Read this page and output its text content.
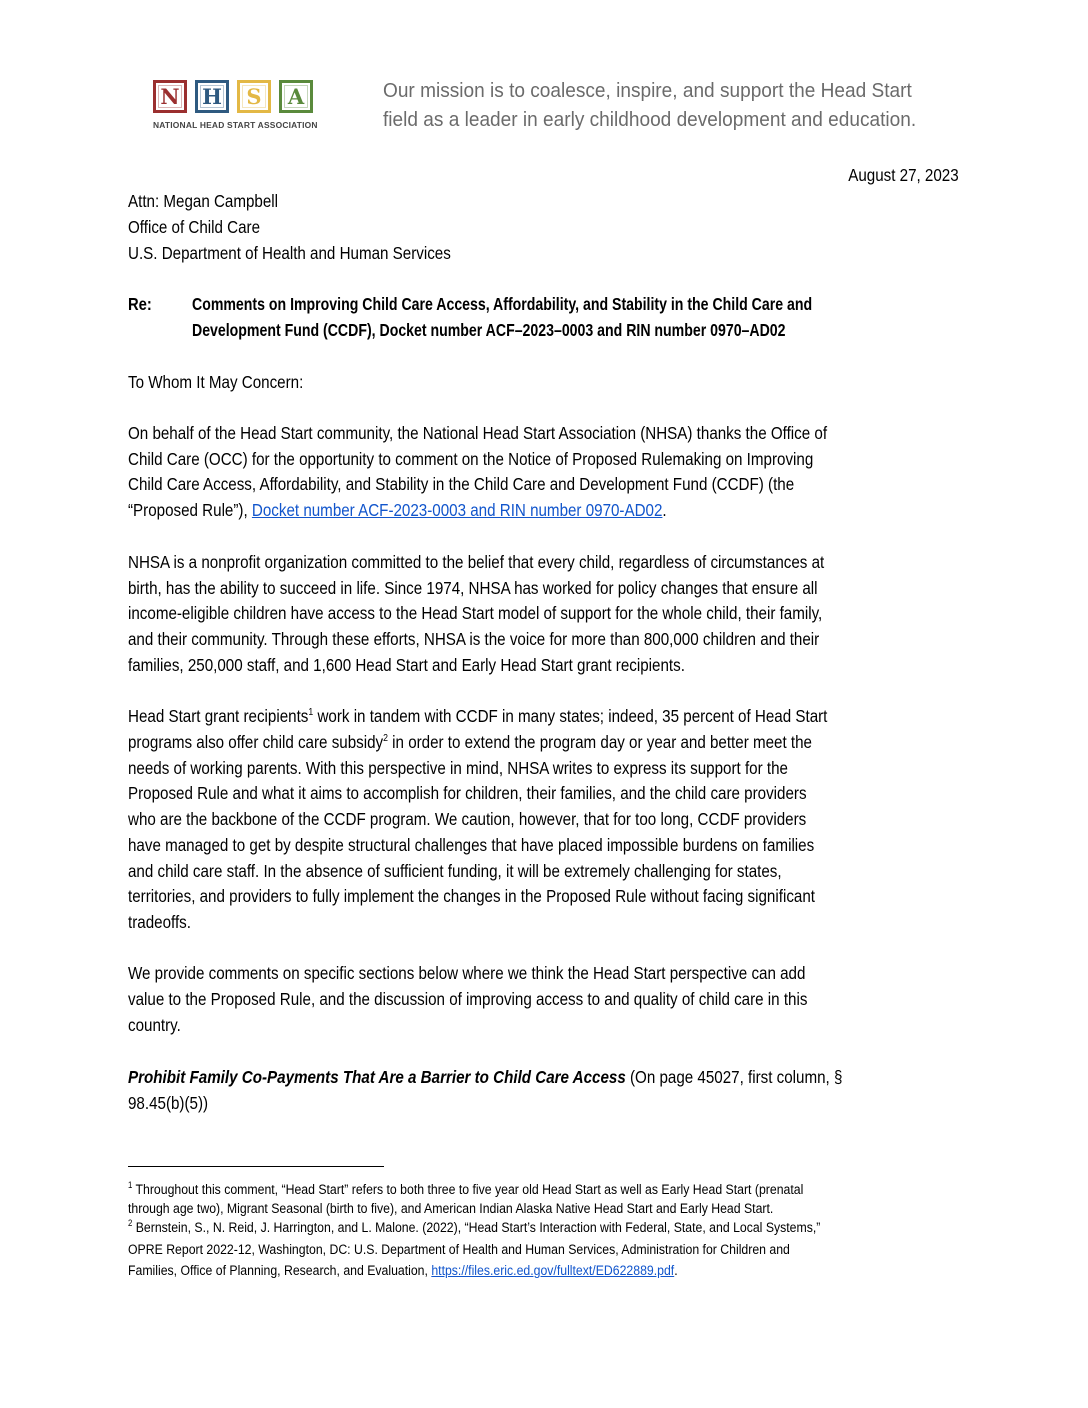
N	H	S	A
NATIONAL HEAD START ASSOCIATION
Our mission is to coalesce, inspire, and support the Head Start
field as a leader in early childhood development and education.
August 27, 2023
Attn: Megan Campbell
Office of Child Care
U.S. Department of Health and Human Services
Re: Comments on Improving Child Care Access, Affordability, and Stability in the Child Care and
Development Fund (CCDF), Docket number ACF–2023–0003 and RIN number 0970–AD02
To Whom It May Concern:
On behalf of the Head Start community, the National Head Start Association (NHSA) thanks the Office of
Child Care (OCC) for the opportunity to comment on the Notice of Proposed Rulemaking on Improving
Child Care Access, Affordability, and Stability in the Child Care and Development Fund (CCDF) (the
“Proposed Rule”), Docket number ACF-2023-0003 and RIN number 0970-AD02.
NHSA is a nonprofit organization committed to the belief that every child, regardless of circumstances at
birth, has the ability to succeed in life. Since 1974, NHSA has worked for policy changes that ensure all
income-eligible children have access to the Head Start model of support for the whole child, their family,
and their community. Through these efforts, NHSA is the voice for more than 800,000 children and their
families, 250,000 staff, and 1,600 Head Start and Early Head Start grant recipients.
Head Start grant recipients$^1$ work in tandem with CCDF in many states; indeed, 35 percent of Head Start
programs also offer child care subsidy$^2$ in order to extend the program day or year and better meet the
needs of working parents. With this perspective in mind, NHSA writes to express its support for the
Proposed Rule and what it aims to accomplish for children, their families, and the child care providers
who are the backbone of the CCDF program. We caution, however, that for too long, CCDF providers
have managed to get by despite structural challenges that have placed impossible burdens on families
and child care staff. In the absence of sufficient funding, it will be extremely challenging for states,
territories, and providers to fully implement the changes in the Proposed Rule without facing significant
tradeoffs.
We provide comments on specific sections below where we think the Head Start perspective can add
value to the Proposed Rule, and the discussion of improving access to and quality of child care in this
country.
Prohibit Family Co-Payments That Are a Barrier to Child Care Access (On page 45027, first column, §
98.45(b)(5))
$^1$ Throughout this comment, “Head Start” refers to both three to five year old Head Start as well as Early Head Start (prenatal
through age two), Migrant Seasonal (birth to five), and American Indian Alaska Native Head Start and Early Head Start.
$^2$ Bernstein, S., N. Reid, J. Harrington, and L. Malone. (2022), “Head Start’s Interaction with Federal, State, and Local Systems,”
OPRE Report 2022-12, Washington, DC: U.S. Department of Health and Human Services, Administration for Children and
Families, Office of Planning, Research, and Evaluation, https://files.eric.ed.gov/fulltext/ED622889.pdf.
